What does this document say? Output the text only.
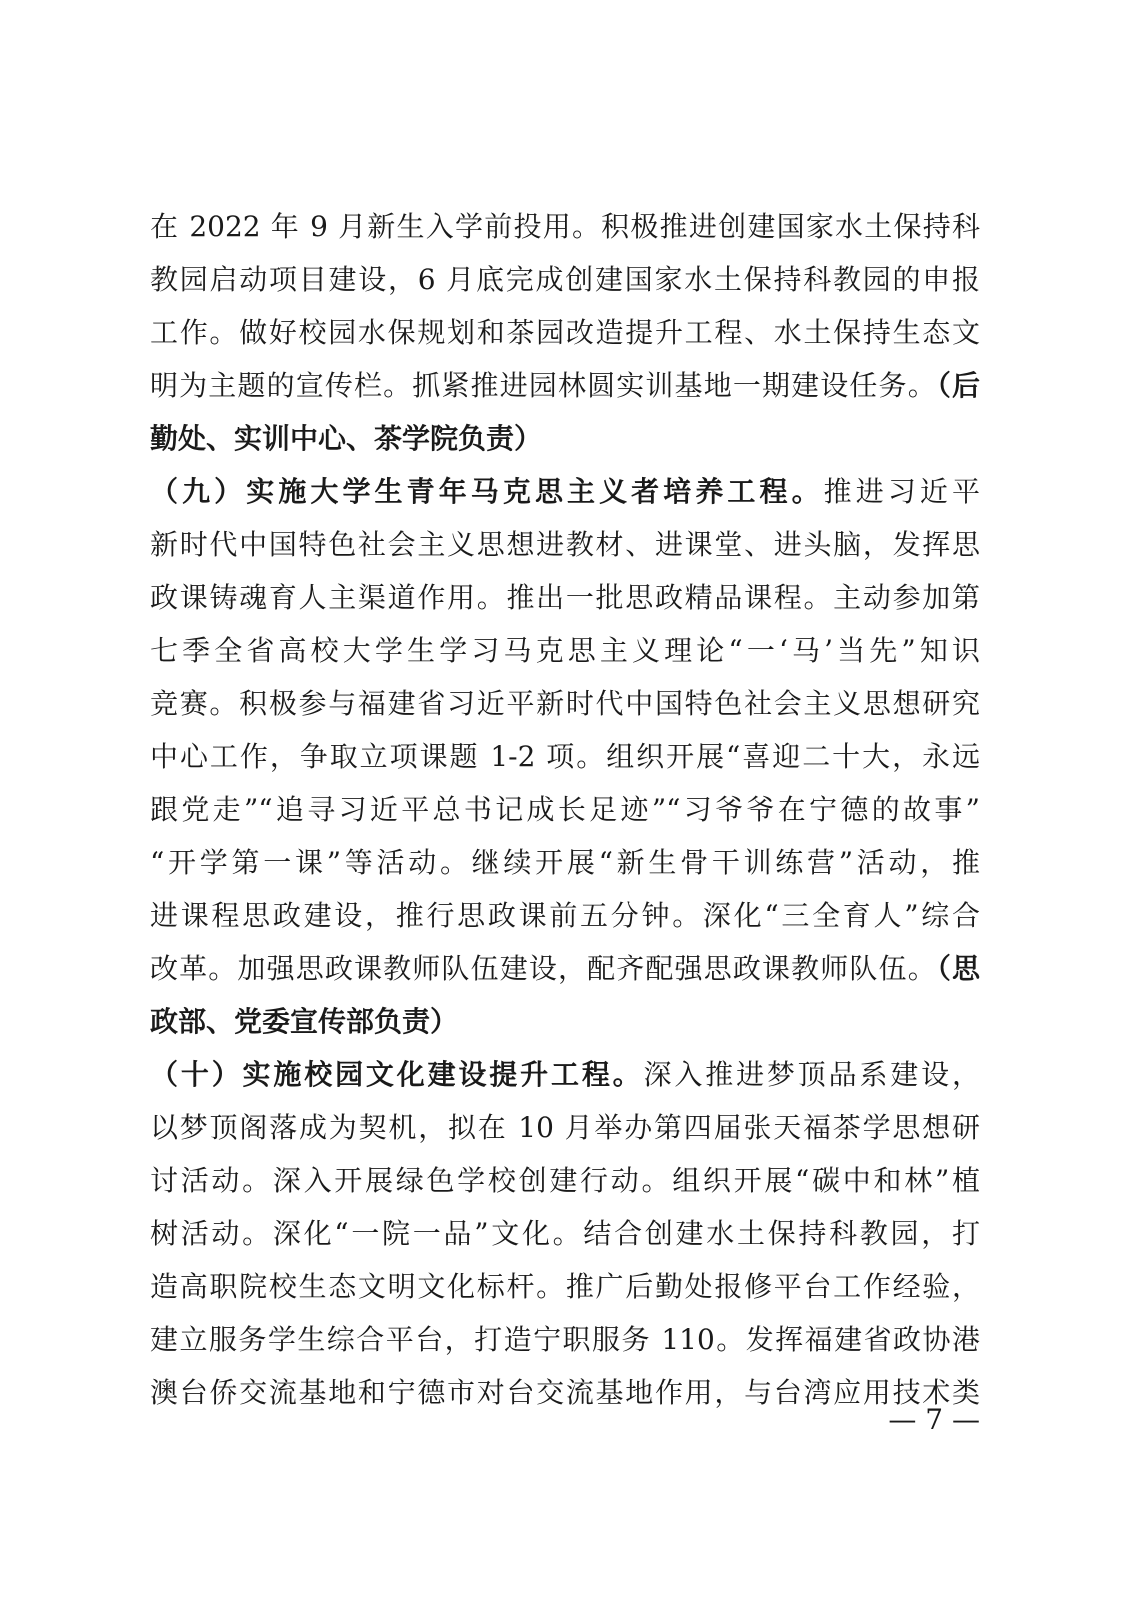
在 2022 年 9 月新生入学前投用。积极推进创建国家水土保持科
教园启动项目建设，6 月底完成创建国家水土保持科教园的申报
工作。做好校园水保规划和茶园改造提升工程、水土保持生态文
明为主题的宣传栏。抓紧推进园林圆实训基地一期建设任务。（后
勤处、实训中心、茶学院负责）
（九）实施大学生青年马克思主义者培养工程。推进习近平
新时代中国特色社会主义思想进教材、进课堂、进头脑，发挥思
政课铸魂育人主渠道作用。推出一批思政精品课程。主动参加第
七季全省高校大学生学习马克思主义理论“一‘马’当先”知识
竞赛。积极参与福建省习近平新时代中国特色社会主义思想研究
中心工作，争取立项课题 1-2 项。组织开展“喜迎二十大，永远
跟党走”“追寻习近平总书记成长足迹”“习爷爷在宁德的故事”
“开学第一课”等活动。继续开展“新生骨干训练营”活动，推
进课程思政建设，推行思政课前五分钟。深化“三全育人”综合
改革。加强思政课教师队伍建设，配齐配强思政课教师队伍。（思
政部、党委宣传部负责）
（十）实施校园文化建设提升工程。深入推进梦顶品系建设，
以梦顶阁落成为契机，拟在 10 月举办第四届张天福茶学思想研
讨活动。深入开展绿色学校创建行动。组织开展“碳中和林”植
树活动。深化“一院一品”文化。结合创建水土保持科教园，打
造高职院校生态文明文化标杆。推广后勤处报修平台工作经验，
建立服务学生综合平台，打造宁职服务 110。发挥福建省政协港
澳台侨交流基地和宁德市对台交流基地作用，与台湾应用技术类
— 7 —
